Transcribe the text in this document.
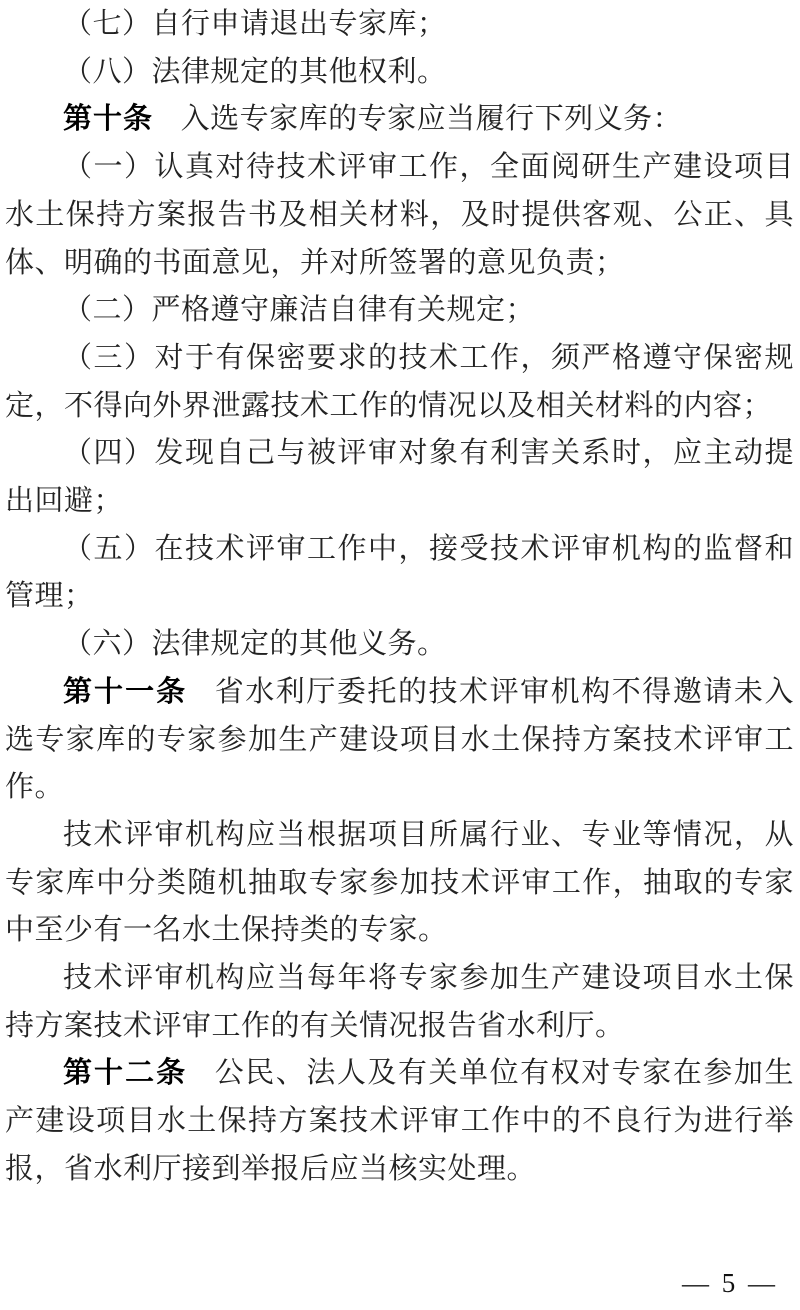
（七）自行申请退出专家库；

（八）法律规定的其他权利。

第十条 入选专家库的专家应当履行下列义务：

（一）认真对待技术评审工作，全面阅研生产建设项目水土保持方案报告书及相关材料，及时提供客观、公正、具体、明确的书面意见，并对所签署的意见负责；

（二）严格遵守廉洁自律有关规定；

（三）对于有保密要求的技术工作，须严格遵守保密规定，不得向外界泄露技术工作的情况以及相关材料的内容；

（四）发现自己与被评审对象有利害关系时，应主动提出回避；

（五）在技术评审工作中，接受技术评审机构的监督和管理；

（六）法律规定的其他义务。

第十一条 省水利厅委托的技术评审机构不得邀请未入选专家库的专家参加生产建设项目水土保持方案技术评审工作。

技术评审机构应当根据项目所属行业、专业等情况，从专家库中分类随机抽取专家参加技术评审工作，抽取的专家中至少有一名水土保持类的专家。

技术评审机构应当每年将专家参加生产建设项目水土保持方案技术评审工作的有关情况报告省水利厅。

第十二条 公民、法人及有关单位有权对专家在参加生产建设项目水土保持方案技术评审工作中的不良行为进行举报，省水利厅接到举报后应当核实处理。

— 5 —
